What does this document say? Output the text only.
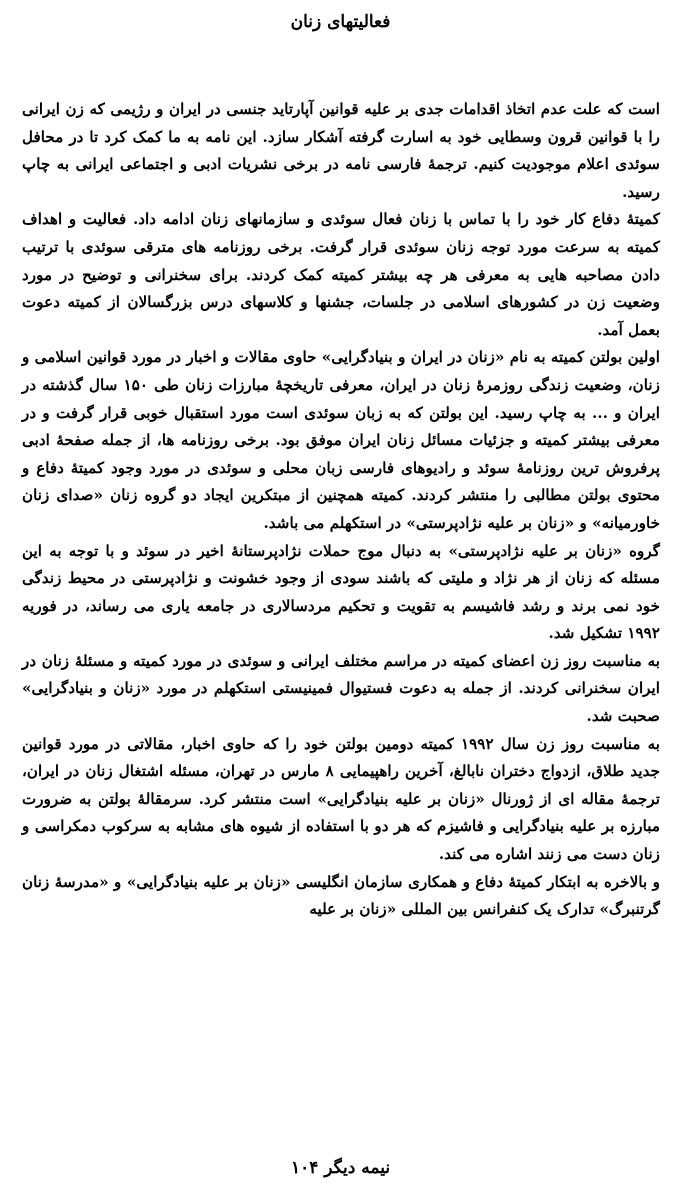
فعالیتهای زنان

است که علت عدم اتخاذ اقدامات جدی بر علیه قوانین آپارتاید جنسی در ایران و رژیمی که زن ایرانی را با قوانین قرون وسطایی خود به اسارت گرفته آشکار سازد. این نامه به ما کمک کرد تا در محافل سوئدی اعلام موجودیت کنیم. ترجمهٔ فارسی نامه در برخی نشریات ادبی و اجتماعی ایرانی به چاپ رسید.

کمیتهٔ دفاع کار خود را با تماس با زنان فعال سوئدی و سازمانهای زنان ادامه داد. فعالیت و اهداف کمیته به سرعت مورد توجه زنان سوئدی قرار گرفت. برخی روزنامه های مترقی سوئدی با ترتیب دادن مصاحبه هایی به معرفی هر چه بیشتر کمیته کمک کردند. برای سخنرانی و توضیح در مورد وضعیت زن در کشورهای اسلامی در جلسات، جشنها و کلاسهای درس بزرگسالان از کمیته دعوت بعمل آمد.

اولین بولتن کمیته به نام «زنان در ایران و بنیادگرایی» حاوی مقالات و اخبار در مورد قوانین اسلامی و زنان، وضعیت زندگی روزمرهٔ زنان در ایران، معرفی تاریخچهٔ مبارزات زنان طی ۱۵۰ سال گذشته در ایران و ... به چاپ رسید. این بولتن که به زبان سوئدی است مورد استقبال خوبی قرار گرفت و در معرفی بیشتر کمیته و جزئیات مسائل زنان ایران موفق بود. برخی روزنامه ها، از جمله صفحهٔ ادبی پرفروش ترین روزنامهٔ سوئد و رادیوهای فارسی زبان محلی و سوئدی در مورد وجود کمیتهٔ دفاع و محتوی بولتن مطالبی را منتشر کردند. کمیته همچنین از مبتکرین ایجاد دو گروه زنان «صدای زنان خاورمیانه» و «زنان بر علیه نژادپرستی» در استکهلم می باشد.

گروه «زنان بر علیه نژادپرستی» به دنبال موج حملات نژادپرستانهٔ اخیر در سوئد و با توجه به این مسئله که زنان از هر نژاد و ملیتی که باشند سودی از وجود خشونت و نژادپرستی در محیط زندگی خود نمی برند و رشد فاشیسم به تقویت و تحکیم مردسالاری در جامعه یاری می رساند، در فوریه ۱۹۹۲ تشکیل شد.

به مناسبت روز زن اعضای کمیته در مراسم مختلف ایرانی و سوئدی در مورد کمیته و مسئلهٔ زنان در ایران سخنرانی کردند. از جمله به دعوت فستیوال فمینیستی استکهلم در مورد «زنان و بنیادگرایی» صحبت شد.

به مناسبت روز زن سال ۱۹۹۲ کمیته دومین بولتن خود را که حاوی اخبار، مقالاتی در مورد قوانین جدید طلاق، ازدواج دختران نابالغ، آخرین راهپیمایی ۸ مارس در تهران، مسئله اشتغال زنان در ایران، ترجمهٔ مقاله ای از ژورنال «زنان بر علیه بنیادگرایی» است منتشر کرد. سرمقالهٔ بولتن به ضرورت مبارزه بر علیه بنیادگرایی و فاشیزم که هر دو با استفاده از شیوه های مشابه به سرکوب دمکراسی و زنان دست می زنند اشاره می کند.

و بالاخره به ابتکار کمیتهٔ دفاع و همکاری سازمان انگلیسی «زنان بر علیه بنیادگرایی» و «مدرسهٔ زنان گرتنبرگ» تدارک یک کنفرانس بین المللی «زنان بر علیه

نیمه دیگر ۱۰۴
